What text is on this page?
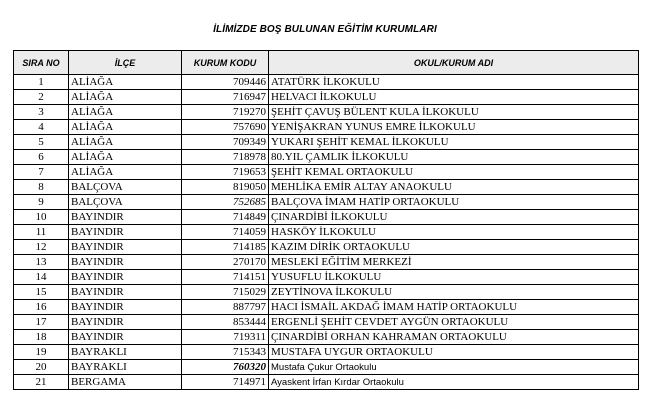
İLİMİZDE BOŞ BULUNAN EĞİTİM KURUMLARI
SIRA NO	İLÇE	KURUM KODU	OKUL/KURUM ADI
1	ALİAĞA	709446	ATATÜRK İLKOKULU
2	ALİAĞA	716947	HELVACI İLKOKULU
3	ALİAĞA	719270	ŞEHİT ÇAVUŞ BÜLENT KULA İLKOKULU
4	ALİAĞA	757690	YENİŞAKRAN YUNUS EMRE İLKOKULU
5	ALİAĞA	709349	YUKARI ŞEHİT KEMAL İLKOKULU
6	ALİAĞA	718978	80.YIL ÇAMLIK İLKOKULU
7	ALİAĞA	719653	ŞEHİT KEMAL ORTAOKULU
8	BALÇOVA	819050	MEHLİKA EMİR ALTAY ANAOKULU
9	BALÇOVA	752685	BALÇOVA İMAM HATİP ORTAOKULU
10	BAYINDIR	714849	ÇINARDİBİ İLKOKULU
11	BAYINDIR	714059	HASKÖY İLKOKULU
12	BAYINDIR	714185	KAZIM DİRİK ORTAOKULU
13	BAYINDIR	270170	MESLEKİ EĞİTİM MERKEZİ
14	BAYINDIR	714151	YUSUFLU İLKOKULU
15	BAYINDIR	715029	ZEYTİNOVA İLKOKULU
16	BAYINDIR	887797	HACI İSMAİL AKDAĞ İMAM HATİP ORTAOKULU
17	BAYINDIR	853444	ERGENLİ ŞEHİT CEVDET AYGÜN ORTAOKULU
18	BAYINDIR	719311	ÇINARDİBİ ORHAN KAHRAMAN ORTAOKULU
19	BAYRAKLI	715343	MUSTAFA UYGUR ORTAOKULU
20	BAYRAKLI	760320	Mustafa Çukur Ortaokulu
21	BERGAMA	714971	Ayaskent İrfan Kırdar Ortaokulu
